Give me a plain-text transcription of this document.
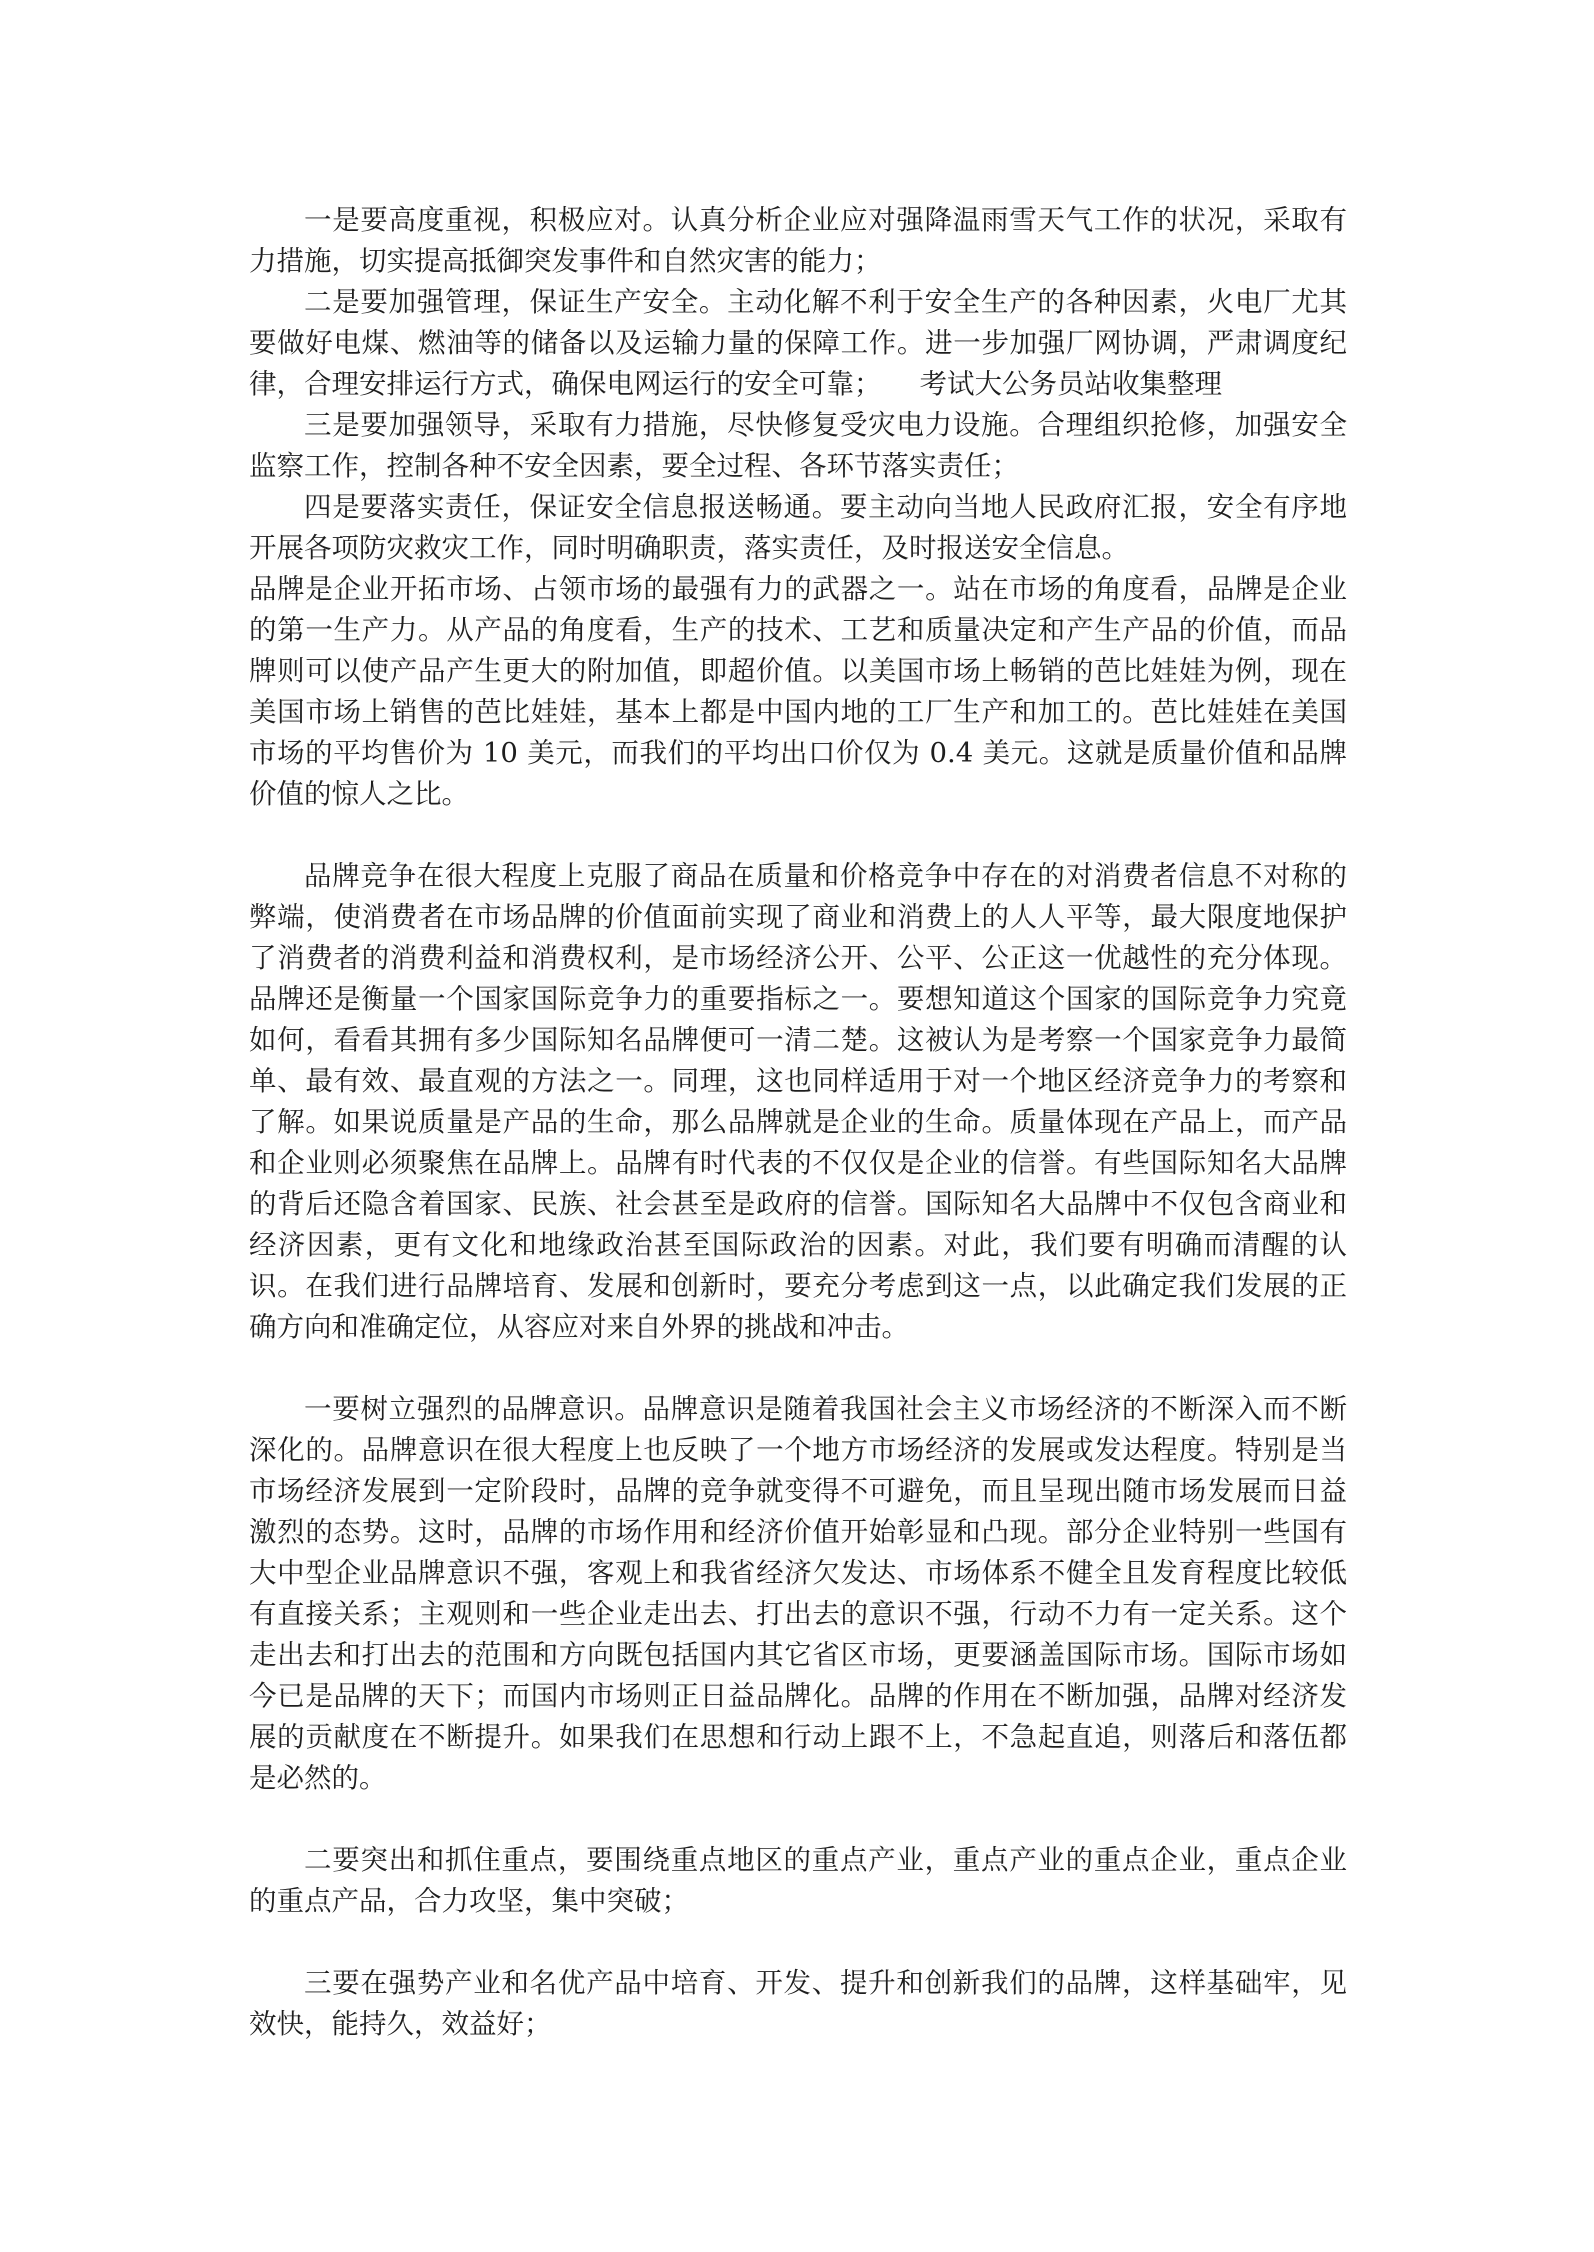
一是要高度重视，积极应对。认真分析企业应对强降温雨雪天气工作的状况，采取有力措施，切实提高抵御突发事件和自然灾害的能力；

二是要加强管理，保证生产安全。主动化解不利于安全生产的各种因素，火电厂尤其要做好电煤、燃油等的储备以及运输力量的保障工作。进一步加强厂网协调，严肃调度纪律，合理安排运行方式，确保电网运行的安全可靠； 考试大公务员站收集整理

三是要加强领导，采取有力措施，尽快修复受灾电力设施。合理组织抢修，加强安全监察工作，控制各种不安全因素，要全过程、各环节落实责任；

四是要落实责任，保证安全信息报送畅通。要主动向当地人民政府汇报，安全有序地开展各项防灾救灾工作，同时明确职责，落实责任，及时报送安全信息。

品牌是企业开拓市场、占领市场的最强有力的武器之一。站在市场的角度看，品牌是企业的第一生产力。从产品的角度看，生产的技术、工艺和质量决定和产生产品的价值，而品牌则可以使产品产生更大的附加值，即超价值。以美国市场上畅销的芭比娃娃为例，现在美国市场上销售的芭比娃娃，基本上都是中国内地的工厂生产和加工的。芭比娃娃在美国市场的平均售价为 10 美元，而我们的平均出口价仅为 0.4 美元。这就是质量价值和品牌价值的惊人之比。

品牌竞争在很大程度上克服了商品在质量和价格竞争中存在的对消费者信息不对称的弊端，使消费者在市场品牌的价值面前实现了商业和消费上的人人平等，最大限度地保护了消费者的消费利益和消费权利，是市场经济公开、公平、公正这一优越性的充分体现。品牌还是衡量一个国家国际竞争力的重要指标之一。要想知道这个国家的国际竞争力究竟如何，看看其拥有多少国际知名品牌便可一清二楚。这被认为是考察一个国家竞争力最简单、最有效、最直观的方法之一。同理，这也同样适用于对一个地区经济竞争力的考察和了解。如果说质量是产品的生命，那么品牌就是企业的生命。质量体现在产品上，而产品和企业则必须聚焦在品牌上。品牌有时代表的不仅仅是企业的信誉。有些国际知名大品牌的背后还隐含着国家、民族、社会甚至是政府的信誉。国际知名大品牌中不仅包含商业和经济因素，更有文化和地缘政治甚至国际政治的因素。对此，我们要有明确而清醒的认识。在我们进行品牌培育、发展和创新时，要充分考虑到这一点，以此确定我们发展的正确方向和准确定位，从容应对来自外界的挑战和冲击。

一要树立强烈的品牌意识。品牌意识是随着我国社会主义市场经济的不断深入而不断深化的。品牌意识在很大程度上也反映了一个地方市场经济的发展或发达程度。特别是当市场经济发展到一定阶段时，品牌的竞争就变得不可避免，而且呈现出随市场发展而日益激烈的态势。这时，品牌的市场作用和经济价值开始彰显和凸现。部分企业特别一些国有大中型企业品牌意识不强，客观上和我省经济欠发达、市场体系不健全且发育程度比较低有直接关系；主观则和一些企业走出去、打出去的意识不强，行动不力有一定关系。这个走出去和打出去的范围和方向既包括国内其它省区市场，更要涵盖国际市场。国际市场如今已是品牌的天下；而国内市场则正日益品牌化。品牌的作用在不断加强，品牌对经济发展的贡献度在不断提升。如果我们在思想和行动上跟不上，不急起直追，则落后和落伍都是必然的。

二要突出和抓住重点，要围绕重点地区的重点产业，重点产业的重点企业，重点企业的重点产品，合力攻坚，集中突破；

三要在强势产业和名优产品中培育、开发、提升和创新我们的品牌，这样基础牢，见效快，能持久，效益好；
